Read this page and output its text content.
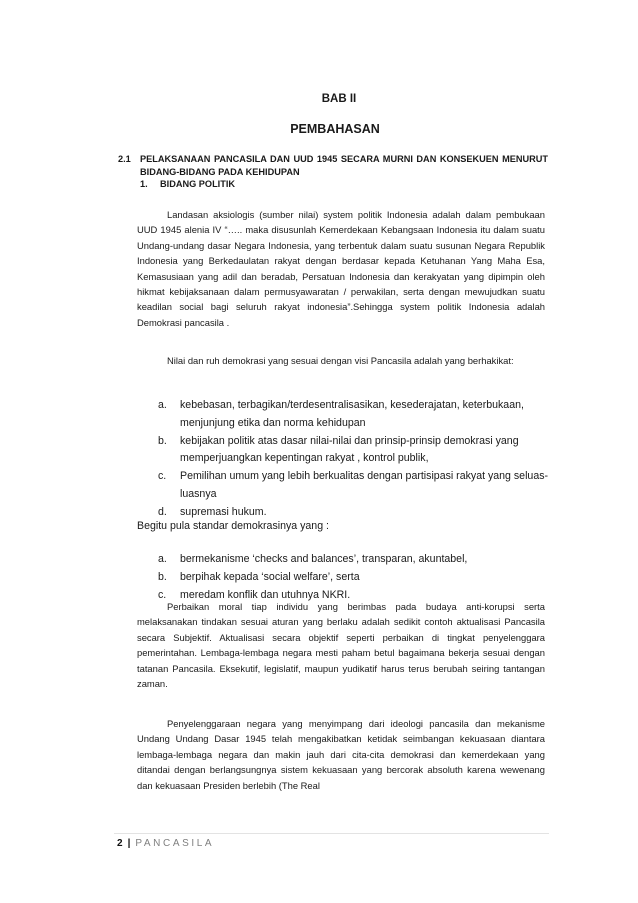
BAB II
PEMBAHASAN
2.1 PELAKSANAAN PANCASILA DAN UUD 1945 SECARA MURNI DAN KONSEKUEN MENURUT BIDANG-BIDANG PADA KEHIDUPAN
1. BIDANG POLITIK

Landasan aksiologis (sumber nilai) system politik Indonesia adalah dalam pembukaan UUD 1945 alenia IV “….. maka disusunlah Kemerdekaan Kebangsaan Indonesia itu dalam suatu Undang-undang dasar Negara Indonesia, yang terbentuk dalam suatu susunan Negara Republik Indonesia yang Berkedaulatan rakyat dengan berdasar kepada Ketuhanan Yang Maha Esa, Kemasusiaan yang adil dan beradab, Persatuan Indonesia dan kerakyatan yang dipimpin oleh hikmat kebijaksanaan dalam permusyawaratan / perwakilan, serta dengan mewujudkan suatu keadilan social bagi seluruh rakyat indonesia”.Sehingga system politik Indonesia adalah Demokrasi pancasila .

Nilai dan ruh demokrasi yang sesuai dengan visi Pancasila adalah yang berhakikat:

a. kebebasan, terbagikan/terdesentralisasikan, kesederajatan, keterbukaan, menjunjung etika dan norma kehidupan
b. kebijakan politik atas dasar nilai-nilai dan prinsip-prinsip demokrasi yang memperjuangkan kepentingan rakyat , kontrol publik,
c. Pemilihan umum yang lebih berkualitas dengan partisipasi rakyat yang seluas-luasnya
d. supremasi hukum.
Begitu pula standar demokrasinya yang :
a. bermekanisme ‘checks and balances’, transparan, akuntabel,
b. berpihak kepada ‘social welfare’, serta
c. meredam konflik dan utuhnya NKRI.

Perbaikan moral tiap individu yang berimbas pada budaya anti-korupsi serta melaksanakan tindakan sesuai aturan yang berlaku adalah sedikit contoh aktualisasi Pancasila secara Subjektif. Aktualisasi secara objektif seperti perbaikan di tingkat penyelenggara pemerintahan. Lembaga-lembaga negara mesti paham betul bagaimana bekerja sesuai dengan tatanan Pancasila. Eksekutif, legislatif, maupun yudikatif harus terus berubah seiring tantangan zaman.

Penyelenggaraan negara yang menyimpang dari ideologi pancasila dan mekanisme Undang Undang Dasar 1945 telah mengakibatkan ketidak seimbangan kekuasaan diantara lembaga-lembaga negara dan makin jauh dari cita-cita demokrasi dan kemerdekaan yang ditandai dengan berlangsungnya sistem kekuasaan yang bercorak absoluth karena wewenang dan kekuasaan Presiden berlebih (The Real

2 | PANCASILA
